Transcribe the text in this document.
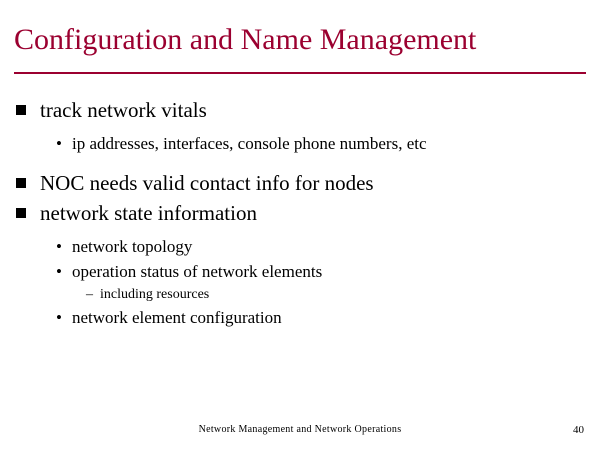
Configuration and Name Management
track network vitals
• ip addresses, interfaces, console phone numbers, etc
NOC needs valid contact info for nodes
network state information
• network topology
• operation status of network elements
– including resources
• network element configuration
Network Management and Network Operations	40
